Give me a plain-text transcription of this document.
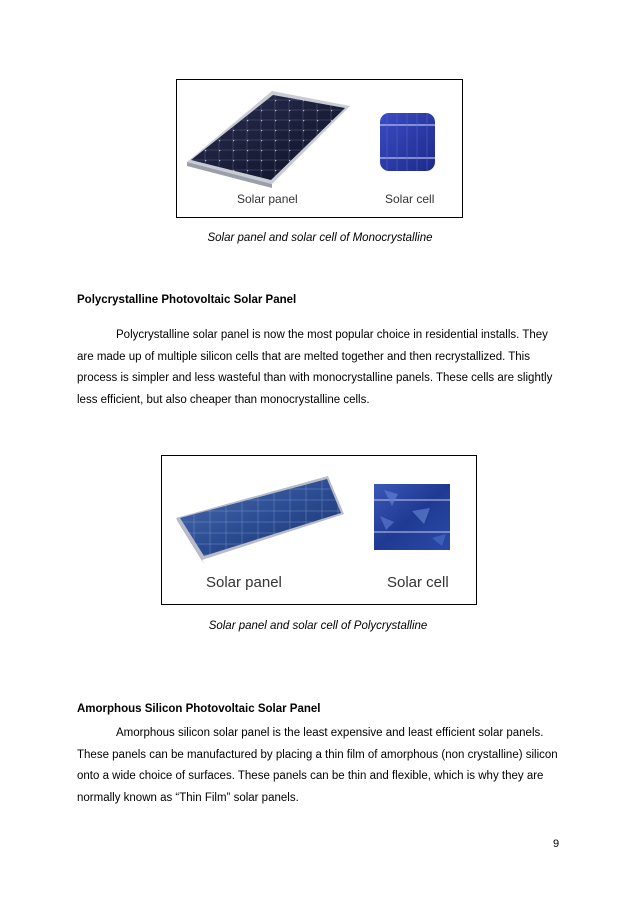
Solar panel	Solar cell
Solar panel and solar cell of Monocrystalline
Polycrystalline Photovoltaic Solar Panel
Polycrystalline solar panel is now the most popular choice in residential installs. They are made up of multiple silicon cells that are melted together and then recrystallized. This process is simpler and less wasteful than with monocrystalline panels. These cells are slightly less efficient, but also cheaper than monocrystalline cells.
Solar panel	Solar cell
Solar panel and solar cell of Polycrystalline
Amorphous Silicon Photovoltaic Solar Panel
Amorphous silicon solar panel is the least expensive and least efficient solar panels. These panels can be manufactured by placing a thin film of amorphous (non crystalline) silicon onto a wide choice of surfaces. These panels can be thin and flexible, which is why they are normally known as “Thin Film” solar panels.
9
